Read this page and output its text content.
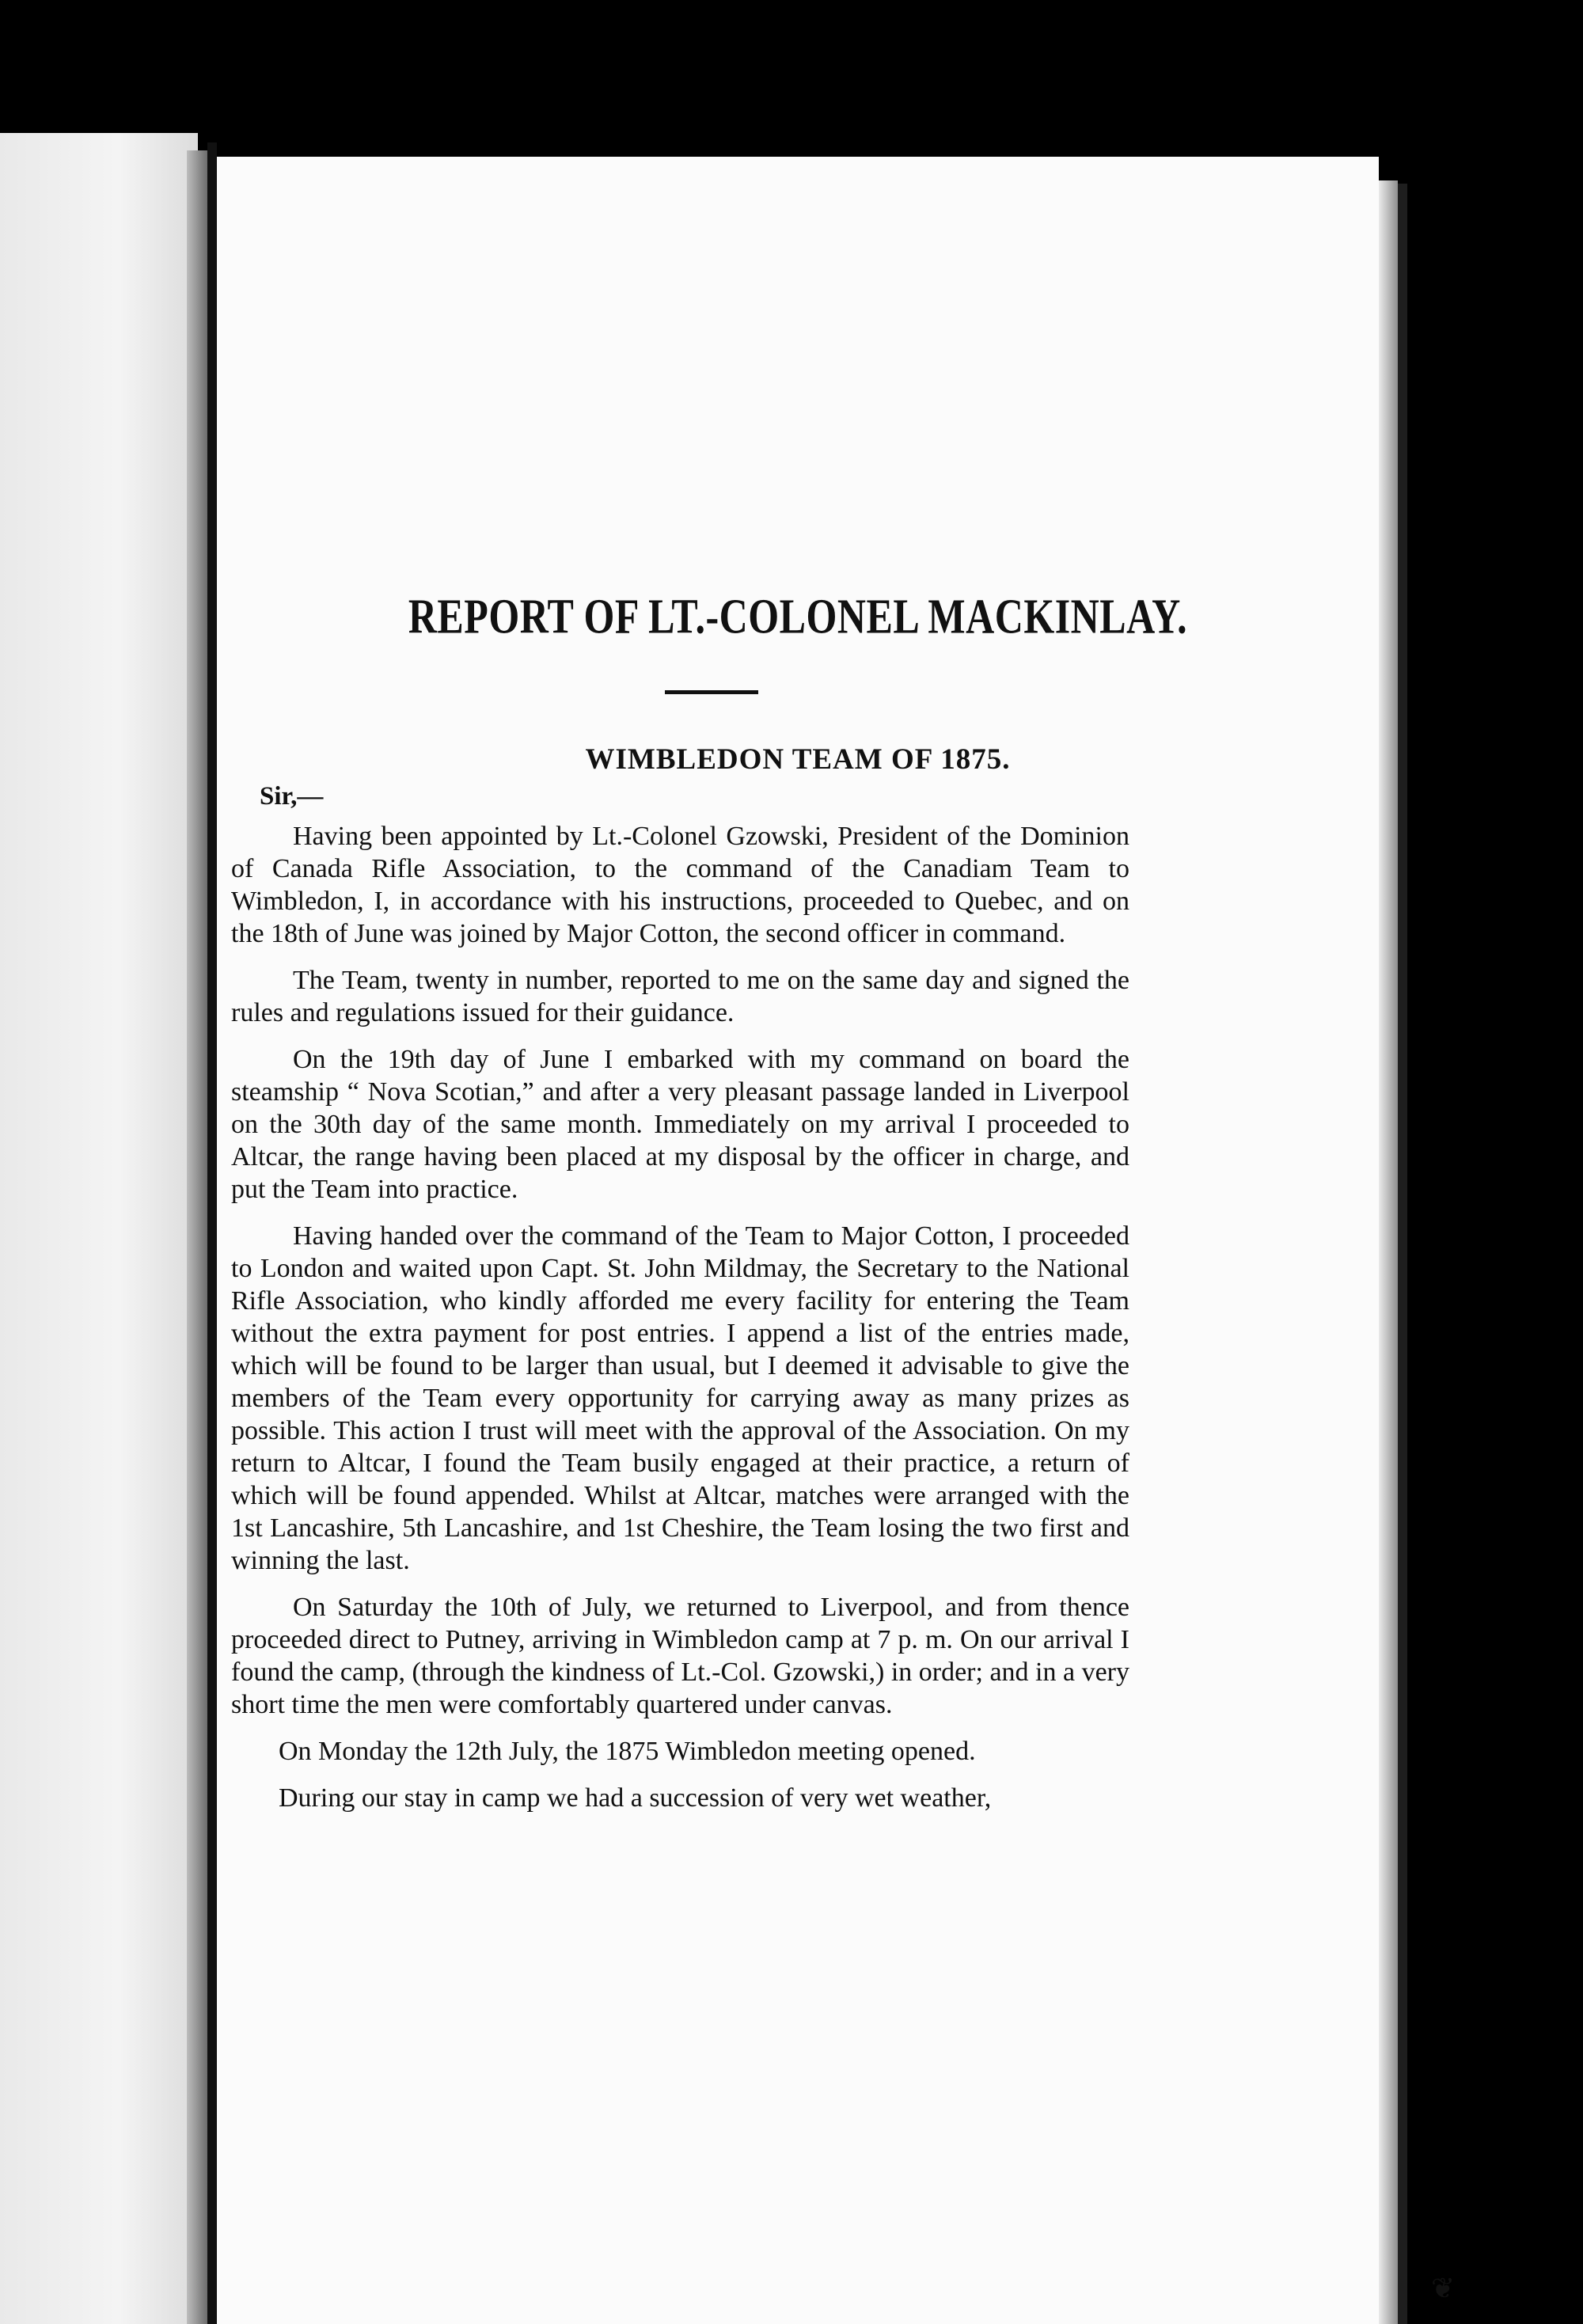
REPORT OF LT.-COLONEL MACKINLAY.
WIMBLEDON TEAM OF 1875.

Sir,—

Having been appointed by Lt.-Colonel Gzowski, President of the Dominion of Canada Rifle Association, to the command of the Canadiam Team to Wimbledon, I, in accordance with his instructions, proceeded to Quebec, and on the 18th of June was joined by Major Cotton, the second officer in command.

The Team, twenty in number, reported to me on the same day and signed the rules and regulations issued for their guidance.

On the 19th day of June I embarked with my command on board the steamship “ Nova Scotian,” and after a very pleasant passage landed in Liverpool on the 30th day of the same month. Immediately on my arrival I proceeded to Altcar, the range having been placed at my disposal by the officer in charge, and put the Team into practice.

Having handed over the command of the Team to Major Cotton, I proceeded to London and waited upon Capt. St. John Mildmay, the Secretary to the National Rifle Association, who kindly afforded me every facility for entering the Team without the extra payment for post entries. I append a list of the entries made, which will be found to be larger than usual, but I deemed it advisable to give the members of the Team every opportunity for carrying away as many prizes as possible. This action I trust will meet with the approval of the Association. On my return to Altcar, I found the Team busily engaged at their practice, a return of which will be found appended. Whilst at Altcar, matches were arranged with the 1st Lancashire, 5th Lancashire, and 1st Cheshire, the Team losing the two first and winning the last.

On Saturday the 10th of July, we returned to Liverpool, and from thence proceeded direct to Putney, arriving in Wimbledon camp at 7 p. m. On our arrival I found the camp, (through the kindness of Lt.-Col. Gzowski,) in order; and in a very short time the men were comfortably quartered under canvas.

On Monday the 12th July, the 1875 Wimbledon meeting opened.

During our stay in camp we had a succession of very wet weather,

❦
